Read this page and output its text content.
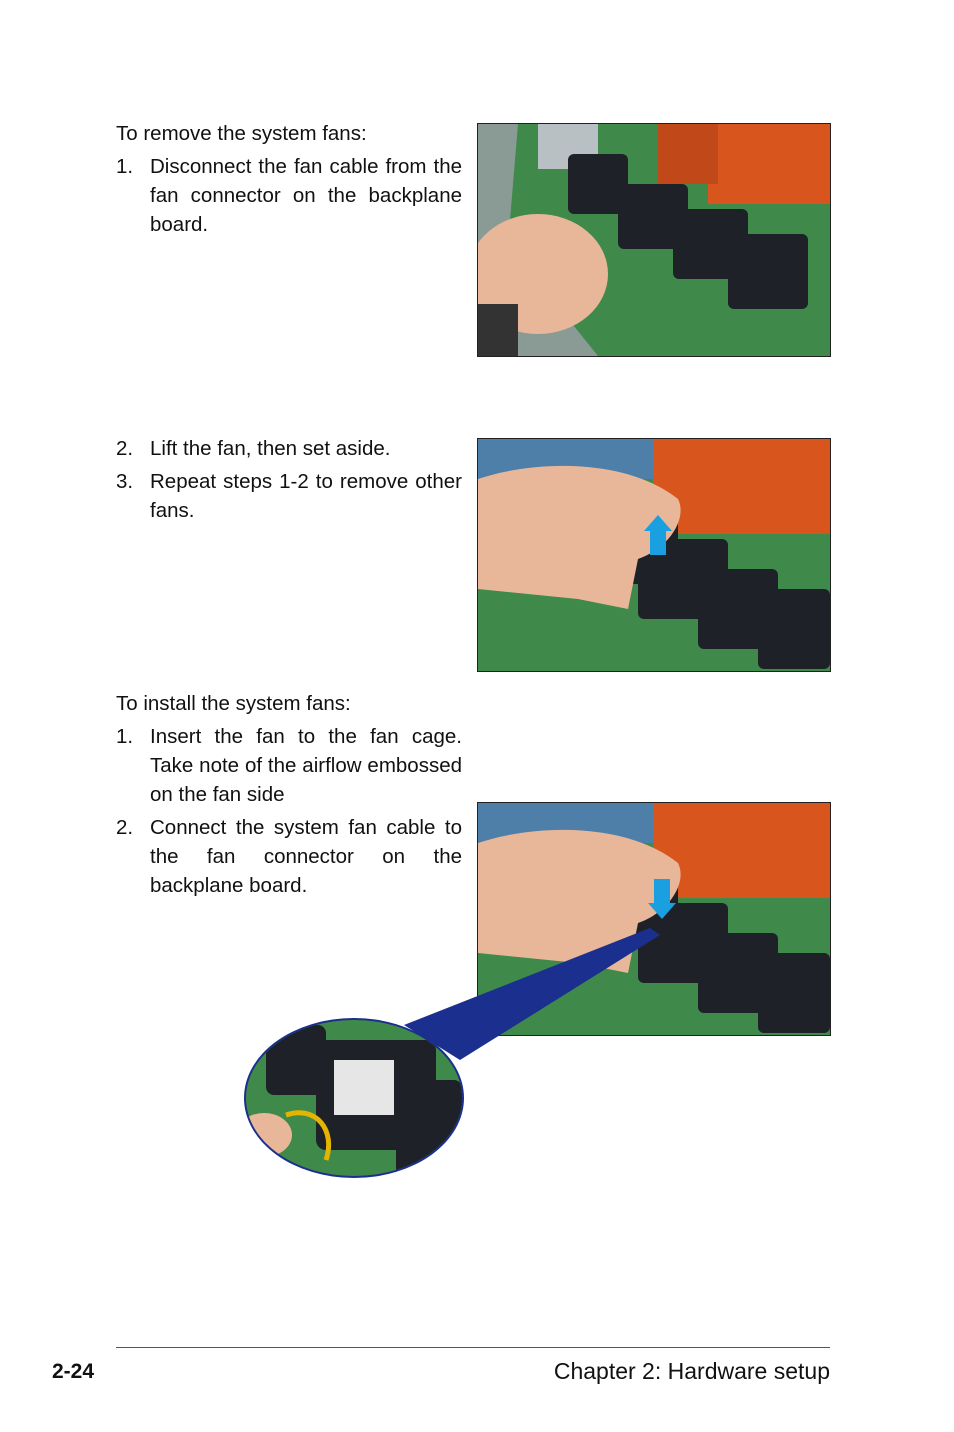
To remove the system fans:

1. Disconnect the fan cable from the fan connector on the backplane board.
2. Lift the fan, then set aside.
3. Repeat steps 1-2 to remove other fans.

To install the system fans:

1. Insert the fan to the fan cage. Take note of the airflow embossed on the fan side
2. Connect the system fan cable to the fan connector on the backplane board.
2-24	Chapter 2: Hardware setup
